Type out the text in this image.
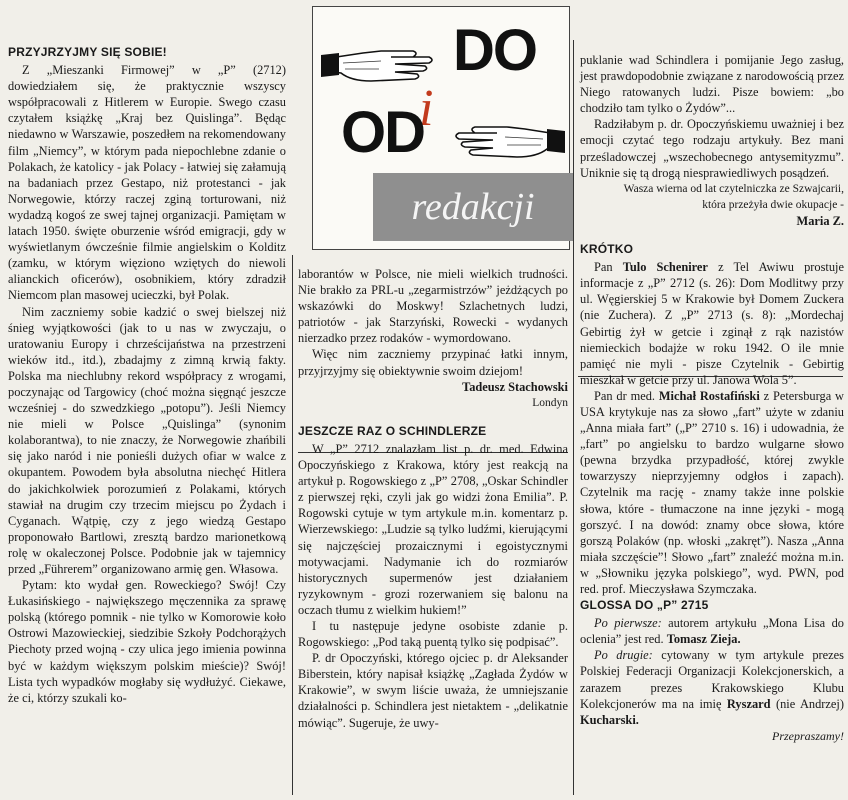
DO
i
OD
redakcji
PRZYJRZYJMY SIĘ SOBIE!

Z „Mieszanki Firmowej” w „P” (2712) dowiedziałem się, że praktycznie wszyscy współpracowali z Hitlerem w Europie. Swego czasu czytałem książkę „Kraj bez Quislinga”. Będąc niedawno w Warszawie, poszedłem na rekomendowany film „Niemcy”, w którym pada niepochlebne zdanie o Polakach, że katolicy - jak Polacy - łatwiej się załamują na badaniach przez Gestapo, niż protestanci - jak Norwegowie, którzy raczej zginą torturowani, niż wydadzą kogoś ze swej tajnej organizacji. Pamiętam w latach 1950. święte oburzenie wśród emigracji, gdy w wyświetlanym ówcześnie filmie angielskim o Kolditz (zamku, w którym więziono wziętych do niewoli alianckich oficerów), osobnikiem, który zdradził Niemcom plan masowej ucieczki, był Polak.

Nim zaczniemy sobie kadzić o swej bielszej niż śnieg wyjątkowości (jak to u nas w zwyczaju, o uratowaniu Europy i chrześcijaństwa na przestrzeni wieków itd., itd.), zbadajmy z zimną krwią fakty. Polska ma niechlubny rekord współpracy z wrogami, poczynając od Targowicy (choć można sięgnąć jeszcze wcześniej - do szwedzkiego „potopu”). Jeśli Niemcy nie mieli w Polsce „Quislinga” (synonim kolaborantwa), to nie znaczy, że Norwegowie zhańbili się jako naród i nie ponieśli dużych ofiar w walce z okupantem. Powodem była absolutna niechęć Hitlera do jakichkolwiek porozumień z Polakami, których stawiał na drugim czy trzecim miejscu po Żydach i Cyganach. Wątpię, czy z jego wiedzą Gestapo proponowało Bartlowi, zresztą bardzo marionetkową rolę w okaleczonej Polsce. Podobnie jak w tajemnicy przed „Führerem” organizowano armię gen. Własowa.

Pytam: kto wydał gen. Roweckiego? Swój! Czy Łukasińskiego - największego męczennika za sprawę polską (którego pomnik - nie tylko w Komorowie koło Ostrowi Mazowieckiej, siedzibie Szkoły Podchorążych Piechoty przed wojną - czy ulica jego imienia powinna być w każdym większym polskim mieście)? Swój! Lista tych wypadków mogłaby się wydłużyć. Ciekawe, że ci, którzy szukali ko-

laborantów w Polsce, nie mieli wielkich trudności. Nie brakło za PRL-u „zegarmistrzów” jeżdżących po wskazówki do Moskwy! Szlachetnych ludzi, patriotów - jak Starzyński, Rowecki - wydanych nierzadko przez rodaków - wymordowano.

Więc nim zaczniemy przypinać łatki innym, przyjrzyjmy się obiektywnie swoim dziejom!

Tadeusz Stachowski

Londyn

JESZCZE RAZ O SCHINDLERZE

W „P” 2712 znalazłam list p. dr. med. Edwina Opoczyńskiego z Krakowa, który jest reakcją na artykuł p. Rogowskiego z „P” 2708, „Oskar Schindler z pierwszej ręki, czyli jak go widzi żona Emilia”. P. Rogowski cytuje w tym artykule m.in. komentarz p. Wierzewskiego: „Ludzie są tylko ludźmi, kierującymi się najczęściej prozaicznymi i egoistycznymi motywacjami. Nadymanie ich do rozmiarów historycznych supermenów jest działaniem ryzykownym - grozi rozerwaniem się balonu na oczach tłumu z wielkim hukiem!”

I tu następuje jedyne osobiste zdanie p. Rogowskiego: „Pod taką puentą tylko się podpisać”.

P. dr Opoczyński, którego ojciec p. dr Aleksander Biberstein, który napisał książkę „Zagłada Żydów w Krakowie”, w swym liście uważa, że umniejszanie działalności p. Schindlera jest nietaktem - „delikatnie mówiąc”. Sugeruje, że uwy-

puklanie wad Schindlera i pomijanie Jego zasług, jest prawdopodobnie związane z narodowością przez Niego ratowanych ludzi. Pisze bowiem: „bo chodziło tam tylko o Żydów”...

Radziłabym p. dr. Opoczyńskiemu uważniej i bez emocji czytać tego rodzaju artykuły. Bez mani prześladowczej „wszechobecnego antysemityzmu”. Uniknie się tą drogą niesprawiedliwych posądzeń.

Wasza wierna od lat czytelniczka ze Szwajcarii,

która przeżyła dwie okupacje -

Maria Z.

KRÓTKO

Pan Tulo Schenirer z Tel Awiwu prostuje informacje z „P” 2712 (s. 26): Dom Modlitwy przy ul. Węgierskiej 5 w Krakowie był Domem Zuckera (nie Zuchera). Z „P” 2713 (s. 8): „Mordechaj Gebirtig żył w getcie i zginął z rąk nazistów niemieckich bodajże w roku 1942. O ile mnie pamięć nie myli - pisze Czytelnik - Gebirtig mieszkał w getcie przy ul. Janowa Wola 5”.

Pan dr med. Michał Rostafiński z Petersburga w USA krytykuje nas za słowo „fart” użyte w zdaniu „Anna miała fart” („P” 2710 s. 16) i udowadnia, że „fart” po angielsku to bardzo wulgarne słowo (pewna brzydka przypadłość, której zwykle towarzyszy nieprzyjemny odgłos i zapach). Czytelnik ma rację - znamy także inne polskie słowa, które - tłumaczone na inne języki - mogą gorszyć. I na dowód: znamy obce słowa, które gorszą Polaków (np. włoski „zakręt”). Nasza „Anna miała szczęście”! Słowo „fart” znaleźć można m.in. w „Słowniku języka polskiego”, wyd. PWN, pod red. prof. Mieczysława Szymczaka.

GLOSSA DO „P” 2715

Po pierwsze: autorem artykułu „Mona Lisa do oclenia” jest red. Tomasz Zieja.

Po drugie: cytowany w tym artykule prezes Polskiej Federacji Organizacji Kolekcjonerskich, a zarazem prezes Krakowskiego Klubu Kolekcjonerów ma na imię Ryszard (nie Andrzej) Kucharski.

Przepraszamy!
